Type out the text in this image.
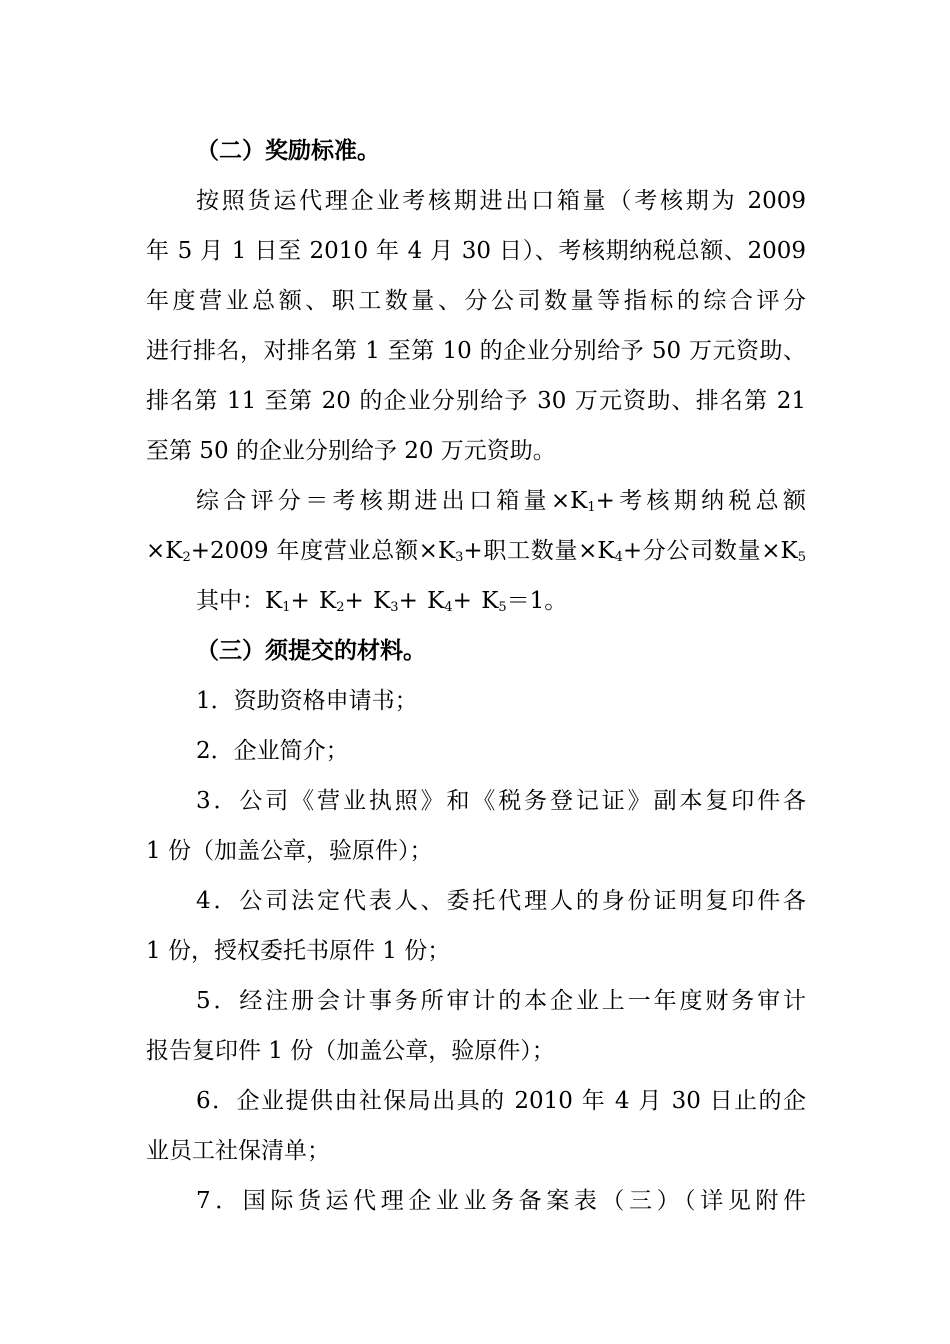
（二）奖励标准。
按照货运代理企业考核期进出口箱量（考核期为 2009
年 5 月 1 日至 2010 年 4 月 30 日）、考核期纳税总额、2009
年度营业总额、职工数量、分公司数量等指标的综合评分
进行排名，对排名第 1 至第 10 的企业分别给予 50 万元资助、
排名第 11 至第 20 的企业分别给予 30 万元资助、排名第 21
至第 50 的企业分别给予 20 万元资助。
综合评分＝考核期进出口箱量$\times K_1+$考核期纳税总额
$\times K_2+2009$ 年度营业总额$\times K_3+$职工数量$\times K_4+$分公司数量$\times K_5$
其中：$K_1+ K_2+ K_3+ K_4+ K_5=1$。
（三）须提交的材料。
1．资助资格申请书；
2．企业简介；
3．公司《营业执照》和《税务登记证》副本复印件各
1 份（加盖公章，验原件）；
4．公司法定代表人、委托代理人的身份证明复印件各
1 份，授权委托书原件 1 份；
5．经注册会计事务所审计的本企业上一年度财务审计
报告复印件 1 份（加盖公章，验原件）；
6．企业提供由社保局出具的 2010 年 4 月 30 日止的企
业员工社保清单；
7．国际货运代理企业业务备案表（三）（详见附件
